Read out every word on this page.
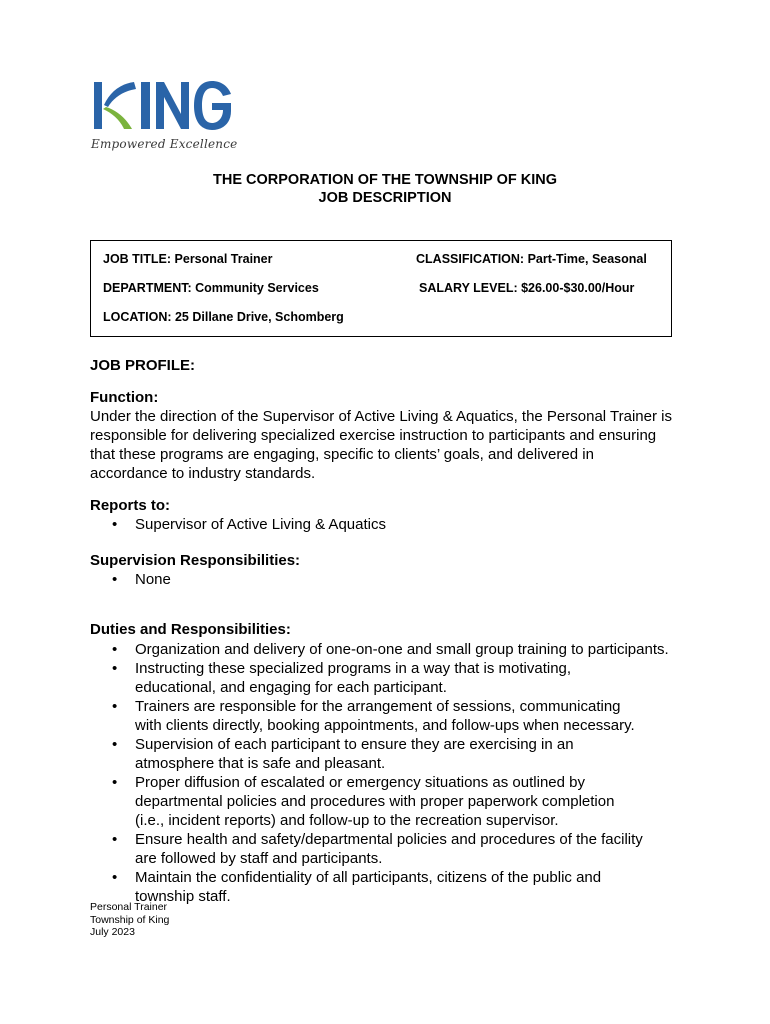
Empowered Excellence
THE CORPORATION OF THE TOWNSHIP OF KING
JOB DESCRIPTION
JOB TITLE: Personal Trainer	CLASSIFICATION: Part-Time, Seasonal
DEPARTMENT: Community Services	SALARY LEVEL: $26.00-$30.00/Hour
LOCATION: 25 Dillane Drive, Schomberg
JOB PROFILE:
Function:

Under the direction of the Supervisor of Active Living & Aquatics, the Personal Trainer is
responsible for delivering specialized exercise instruction to participants and ensuring
that these programs are engaging, specific to clients’ goals, and delivered in
accordance to industry standards.

Reports to:
•	Supervisor of Active Living & Aquatics
Supervision Responsibilities:
•	None
Duties and Responsibilities:
• Organization and delivery of one-on-one and small group training to participants.
• Instructing these specialized programs in a way that is motivating,
educational, and engaging for each participant.
• Trainers are responsible for the arrangement of sessions, communicating
with clients directly, booking appointments, and follow-ups when necessary.
• Supervision of each participant to ensure they are exercising in an
atmosphere that is safe and pleasant.
• Proper diffusion of escalated or emergency situations as outlined by
departmental policies and procedures with proper paperwork completion
(i.e., incident reports) and follow-up to the recreation supervisor.
• Ensure health and safety/departmental policies and procedures of the facility
are followed by staff and participants.
• Maintain the confidentiality of all participants, citizens of the public and
township staff.
Personal Trainer
Township of King
July 2023
